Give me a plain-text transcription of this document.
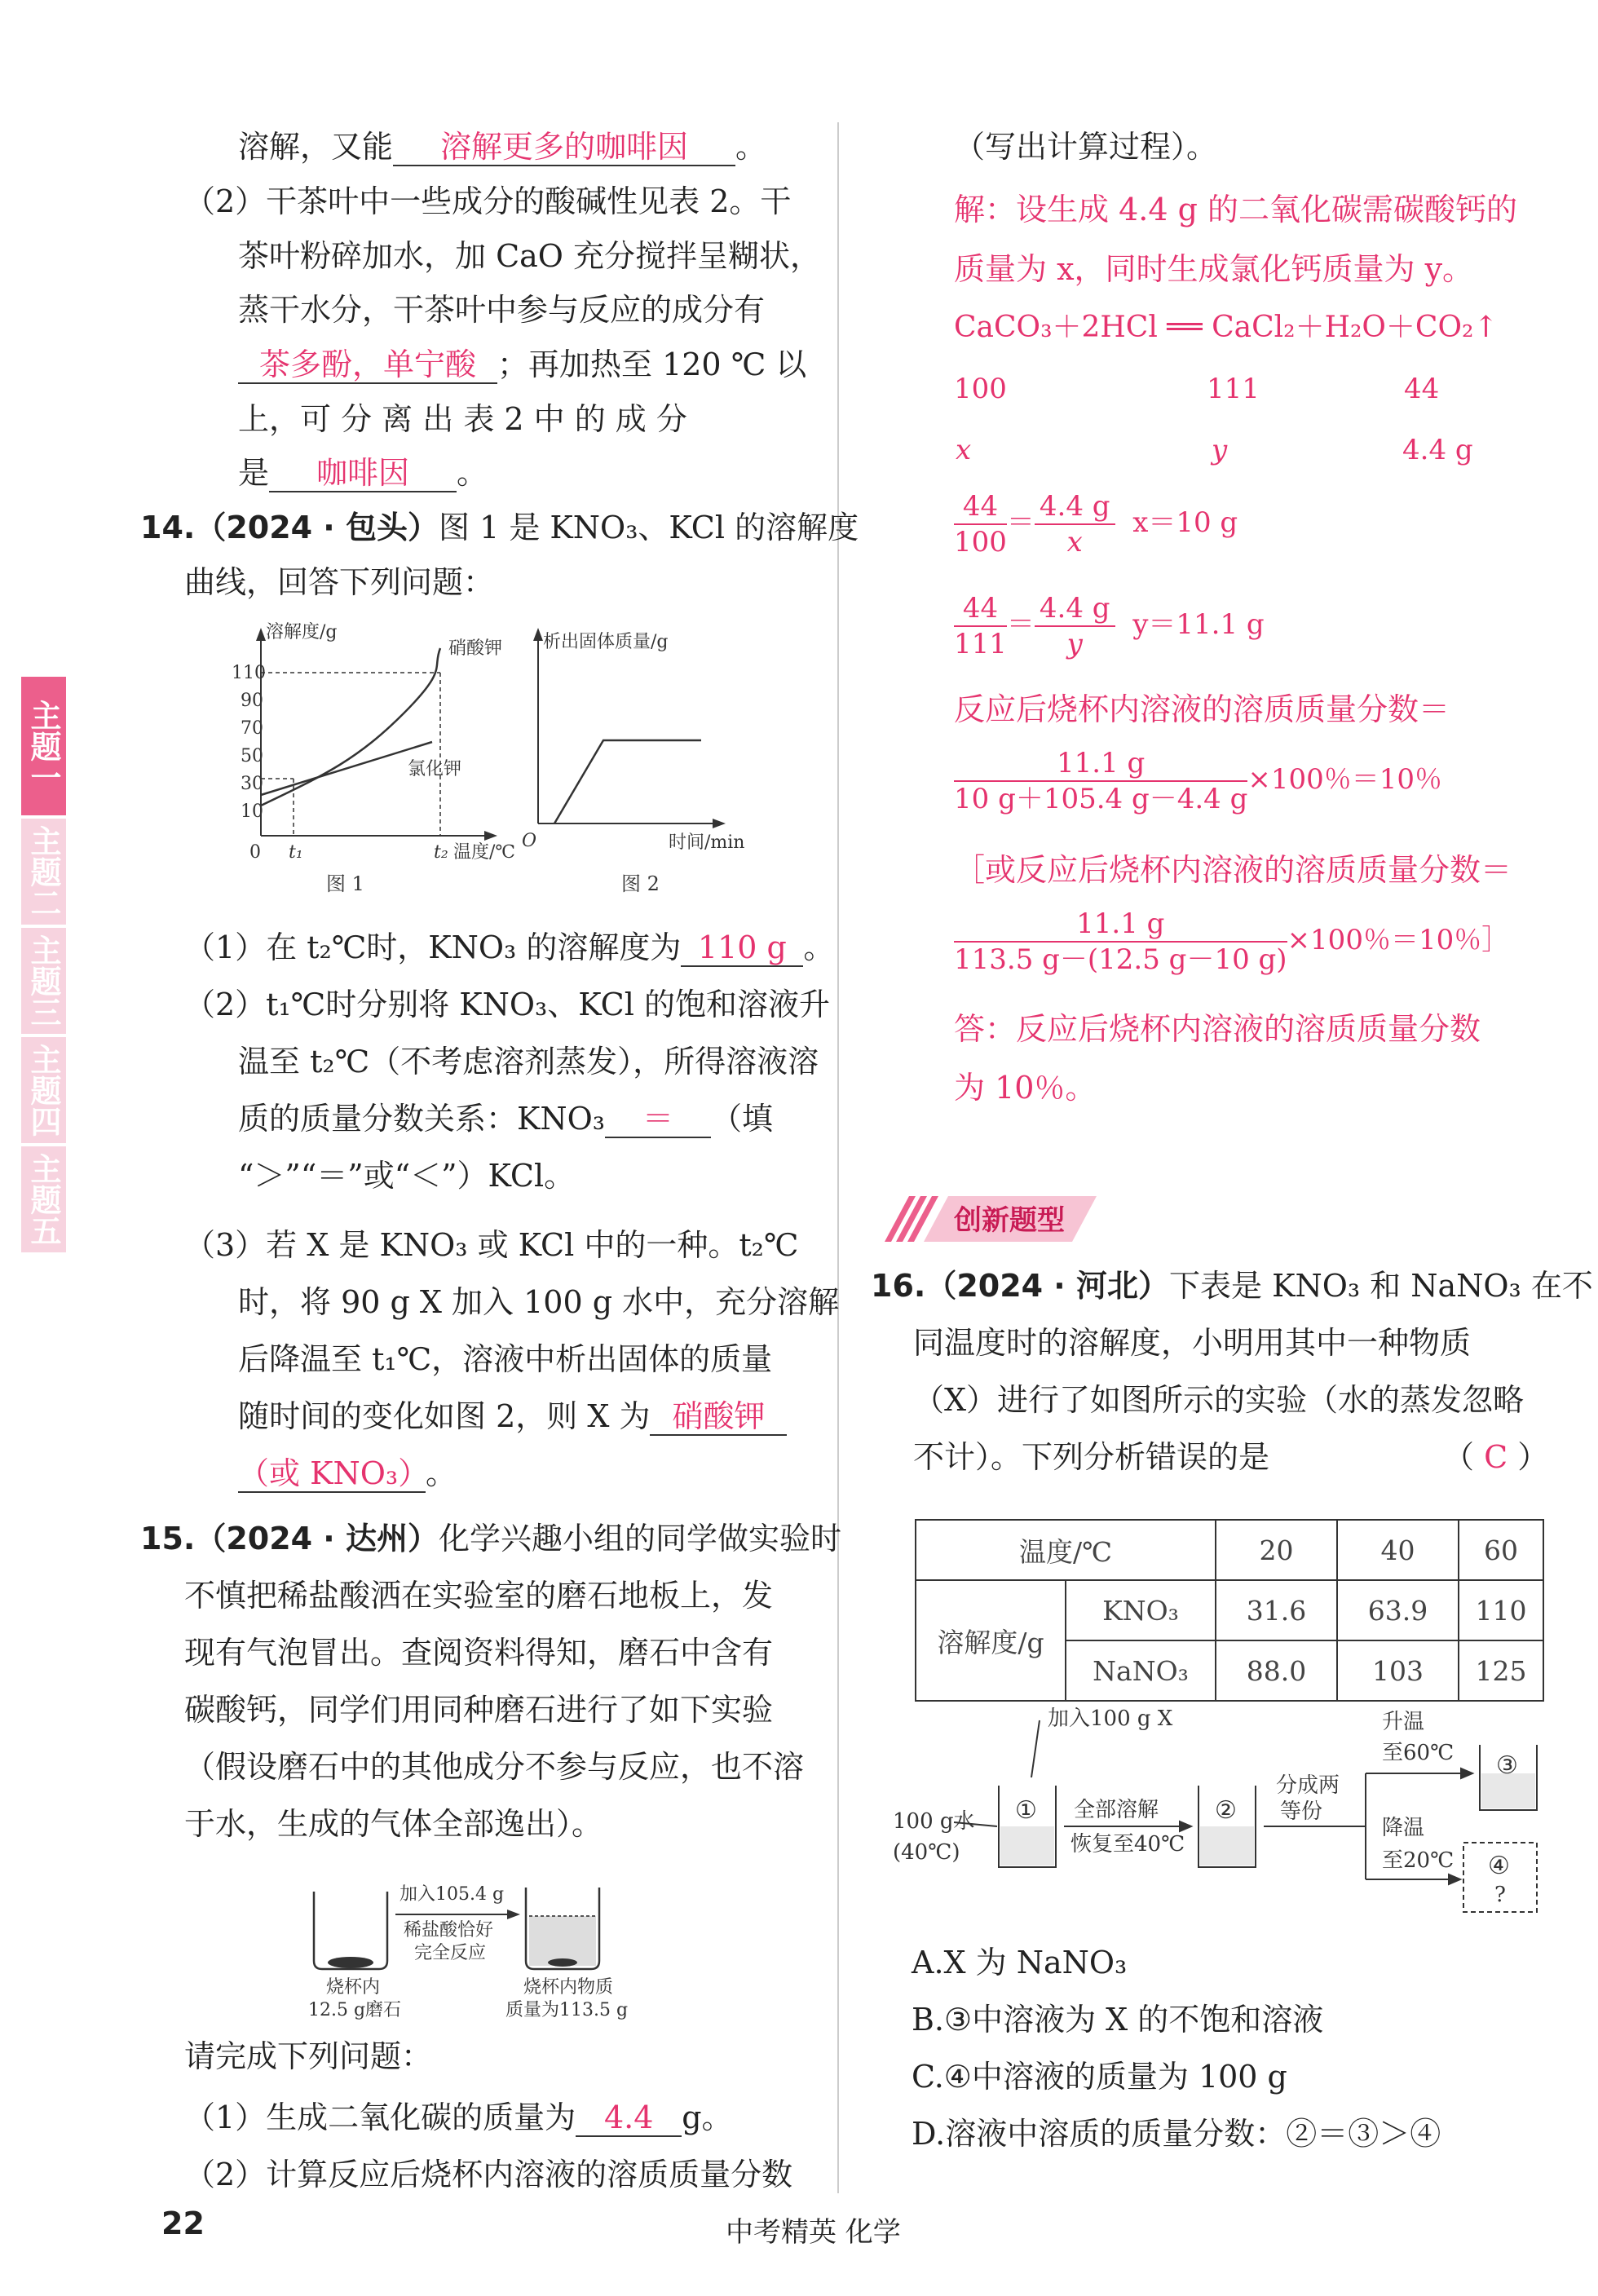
主题一
主题二
主题三
主题四
主题五
溶解，又能 溶解更多的咖啡因 。
（2）干茶叶中一些成分的酸碱性见表 2。干
茶叶粉碎加水，加 CaO 充分搅拌呈糊状，
蒸干水分，干茶叶中参与反应的成分有
茶多酚，单宁酸 ；再加热至 120 ℃ 以
上，可 分 离 出 表 2 中 的 成 分
是 咖啡因 。
14.（2024 · 包头）图 1 是 KNO₃、KCl 的溶解度
曲线，回答下列问题：
溶解度/g
110
90
70
50
30
10
0 t₁	t₂ 温度/℃
硝酸钾
氯化钾
图 1
析出固体质量/g
O	时间/min
图 2
（1）在 t₂℃时，KNO₃ 的溶解度为 110 g 。
（2）t₁℃时分别将 KNO₃、KCl 的饱和溶液升
温至 t₂℃（不考虑溶剂蒸发），所得溶液溶
质的质量分数关系：KNO₃ ＝ （填
“＞”“＝”或“＜”）KCl。
（3）若 X 是 KNO₃ 或 KCl 中的一种。t₂℃
时，将 90 g X 加入 100 g 水中，充分溶解
后降温至 t₁℃，溶液中析出固体的质量
随时间的变化如图 2，则 X 为 硝酸钾
（或 KNO₃）。
15.（2024 · 达州）化学兴趣小组的同学做实验时
不慎把稀盐酸洒在实验室的磨石地板上，发
现有气泡冒出。查阅资料得知，磨石中含有
碳酸钙，同学们用同种磨石进行了如下实验
（假设磨石中的其他成分不参与反应，也不溶
于水，生成的气体全部逸出）。
加入105.4 g
稀盐酸恰好
完全反应
烧杯内
12.5 g磨石
烧杯内物质
质量为113.5 g
请完成下列问题：
（1）生成二氧化碳的质量为 4.4 g。
（写出计算过程）。
解：设生成 4.4 g 的二氧化碳需碳酸钙的
质量为 x，同时生成氯化钙质量为 y。
CaCO₃＋2HCl ══ CaCl₂＋H₂O＋CO₂↑
100	111	44
x	y	4.4 g
$\frac{44}{100} = \frac{4.4 g}{x} x=10$ g
$\frac{44}{111} = \frac{4.4 g}{y} y=11.1$ g
反应后烧杯内溶液的溶质质量分数＝
$\frac{11.1 g}{10 g+105.4 g-4.4 g} \times 100$％＝10％
［或反应后烧杯内溶液的溶质质量分数＝
$\frac{11.1 g}{113.5 g-(12.5 g-10 g)} \times 100$％＝10％］
答：反应后烧杯内溶液的溶质质量分数
为 10％。
创新题型
16.（2024 · 河北）下表是 KNO₃ 和 NaNO₃ 在不
同温度时的溶解度，小明用其中一种物质
（X）进行了如图所示的实验（水的蒸发忽略
不计）。下列分析错误的是	（ C ）
温度/℃		20	40	60
溶解度/g	KNO₃	31.6	63.9	110
	NaNO₃	88.0	103	125
加入100 g X
100 g水
(40℃)
① 全部溶解
恢复至40℃
②
分成两
等份
升温
至60℃
降温
至20℃
③
④
?
A.X 为 NaNO₃
B.③中溶液为 X 的不饱和溶液
C.④中溶液的质量为 100 g
D.溶液中溶质的质量分数：②＝③＞④
（2）计算反应后烧杯内溶液的溶质质量分数
22	中考精英 化学
